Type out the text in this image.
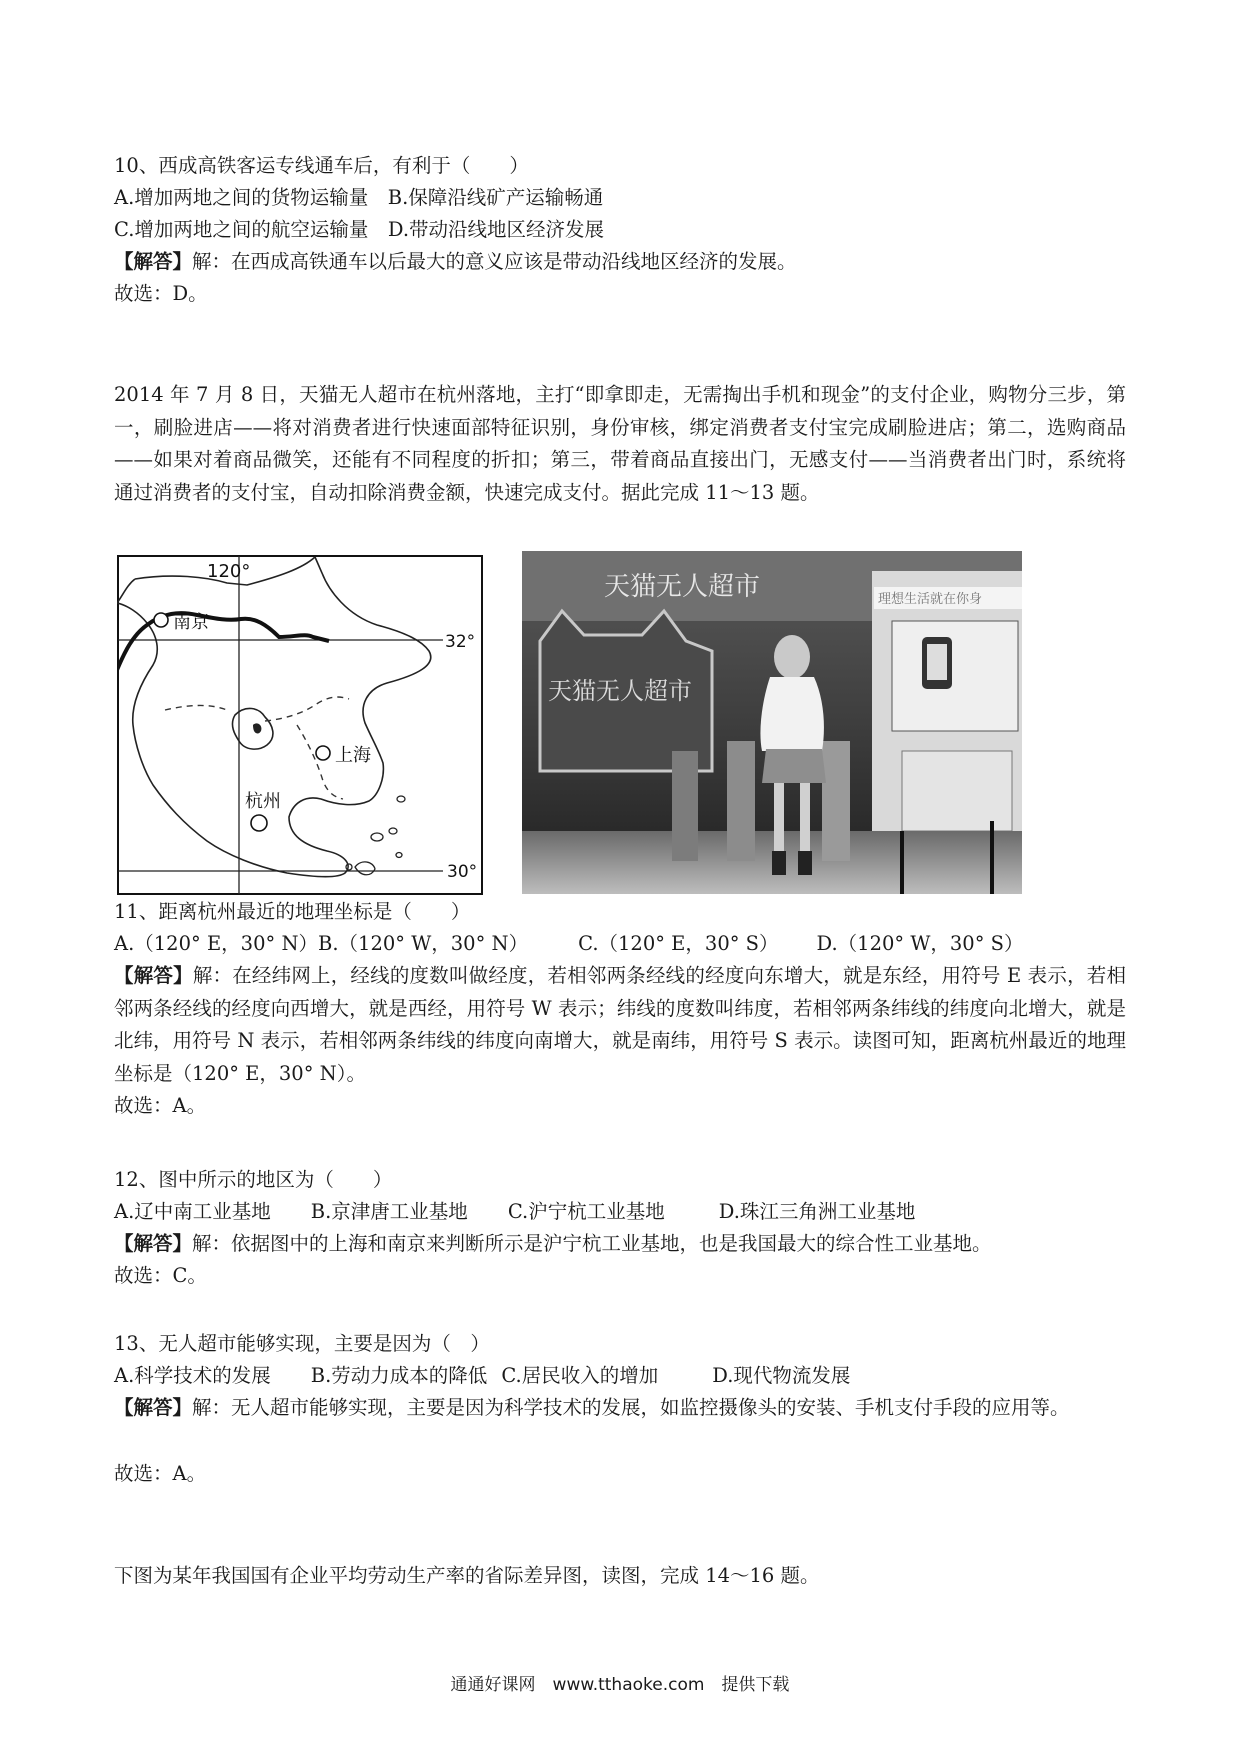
10、西成高铁客运专线通车后，有利于（　　）
A.增加两地之间的货物运输量　B.保障沿线矿产运输畅通
C.增加两地之间的航空运输量　D.带动沿线地区经济发展
【解答】解：在西成高铁通车以后最大的意义应该是带动沿线地区经济的发展。
故选：D。
2014 年 7 月 8 日，天猫无人超市在杭州落地，主打“即拿即走，无需掏出手机和现金”的支付企业，购物分三步，第一，刷脸进店——将对消费者进行快速面部特征识别，身份审核，绑定消费者支付宝完成刷脸进店；第二，选购商品——如果对着商品微笑，还能有不同程度的折扣；第三，带着商品直接出门，无感支付——当消费者出门时，系统将通过消费者的支付宝，自动扣除消费金额，快速完成支付。据此完成 11～13 题。
120°
32°
30°
南京
上海
杭州
天猫无人超市	理想生活就在你身
天猫无人超市
11、距离杭州最近的地理坐标是（　　）
A.（120° E，30° N）B.（120° W，30° N）	C.（120° E，30° S） D.（120° W，30° S）
【解答】解：在经纬网上，经线的度数叫做经度，若相邻两条经线的经度向东增大，就是东经，用符号 E 表示，若相邻两条经线的经度向西增大，就是西经，用符号 W 表示；纬线的度数叫纬度，若相邻两条纬线的纬度向北增大，就是北纬，用符号 N 表示，若相邻两条纬线的纬度向南增大，就是南纬，用符号 S 表示。读图可知，距离杭州最近的地理坐标是（120° E，30° N）。
故选：A。
12、图中所示的地区为（　　）
A.辽中南工业基地 B.京津唐工业基地 C.沪宁杭工业基地	D.珠江三角洲工业基地
【解答】解：依据图中的上海和南京来判断所示是沪宁杭工业基地，也是我国最大的综合性工业基地。
故选：C。
13、无人超市能够实现，主要是因为（　）
A.科学技术的发展 B.劳动力成本的降低 C.居民收入的增加	D.现代物流发展
【解答】解：无人超市能够实现，主要是因为科学技术的发展，如监控摄像头的安装、手机支付手段的应用等。
故选：A。
下图为某年我国国有企业平均劳动生产率的省际差异图，读图，完成 14～16 题。
通通好课网　www.tthaoke.com　提供下载
